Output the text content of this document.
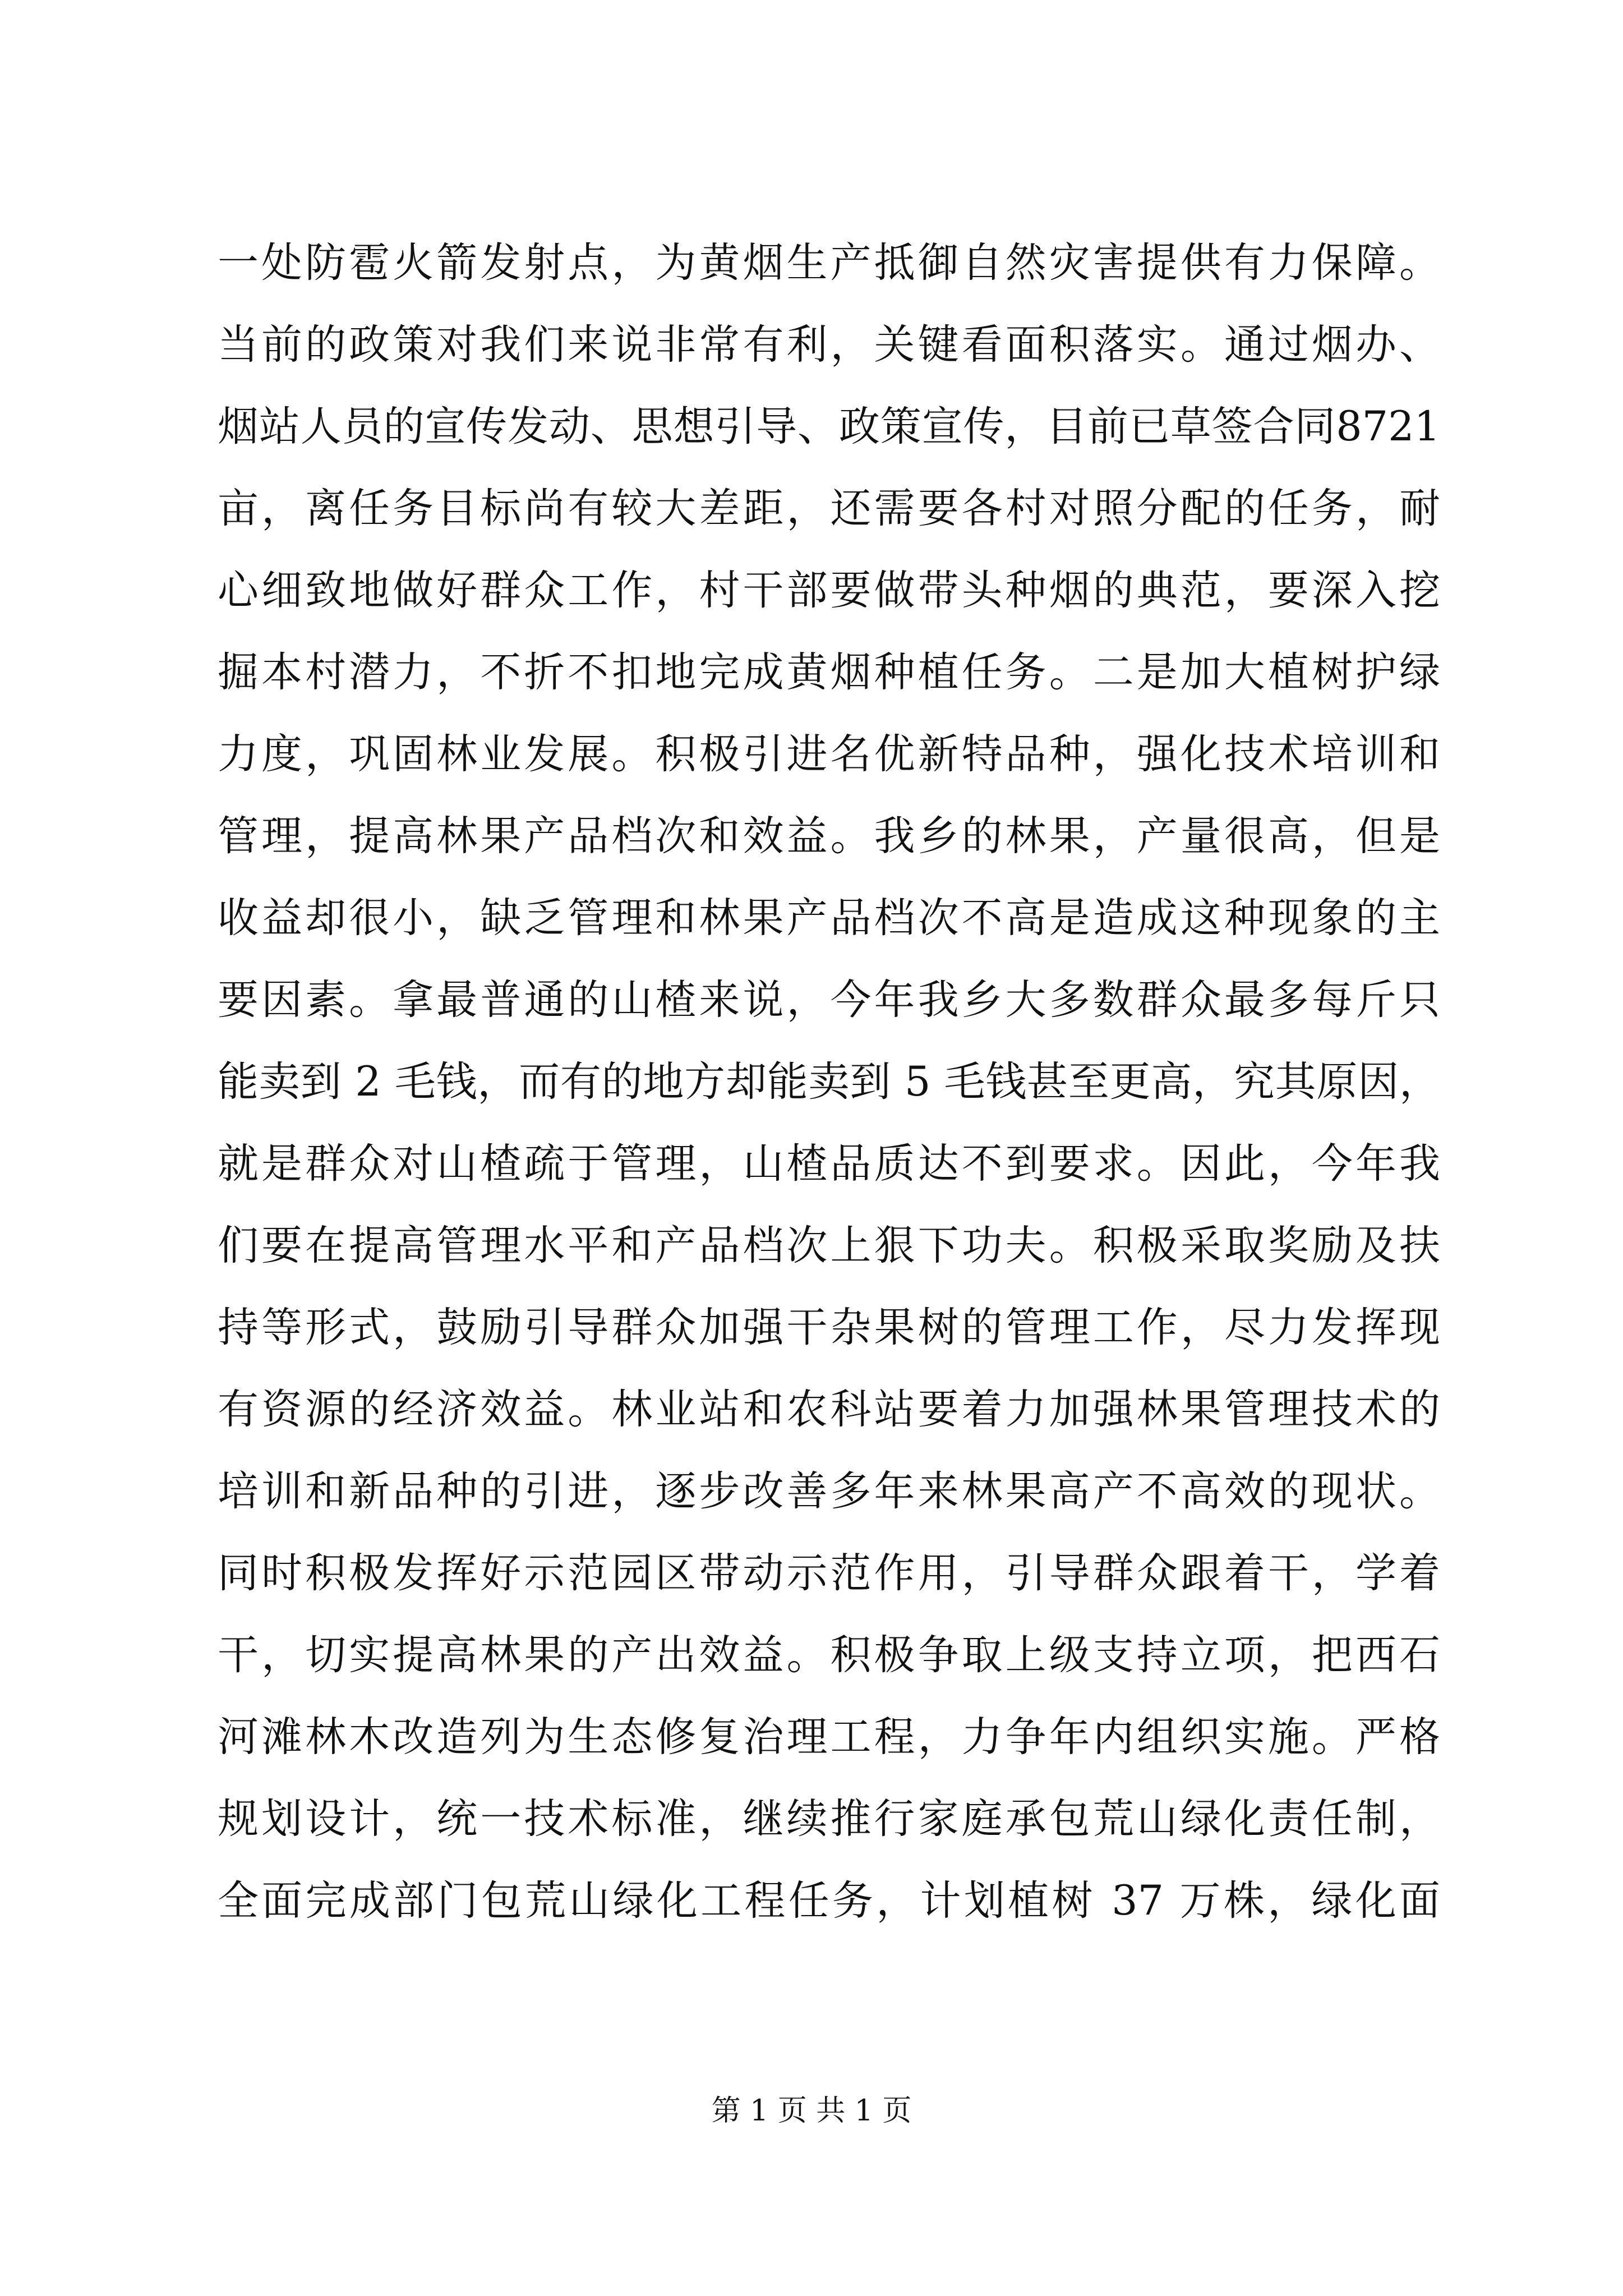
一处防雹火箭发射点，为黄烟生产抵御自然灾害提供有力保障。
当前的政策对我们来说非常有利，关键看面积落实。通过烟办、
烟站人员的宣传发动、思想引导、政策宣传，目前已草签合同8721
亩，离任务目标尚有较大差距，还需要各村对照分配的任务，耐
心细致地做好群众工作，村干部要做带头种烟的典范，要深入挖
掘本村潜力，不折不扣地完成黄烟种植任务。二是加大植树护绿
力度，巩固林业发展。积极引进名优新特品种，强化技术培训和
管理，提高林果产品档次和效益。我乡的林果，产量很高，但是
收益却很小，缺乏管理和林果产品档次不高是造成这种现象的主
要因素。拿最普通的山楂来说，今年我乡大多数群众最多每斤只
能卖到 2 毛钱，而有的地方却能卖到 5 毛钱甚至更高，究其原因，
就是群众对山楂疏于管理，山楂品质达不到要求。因此，今年我
们要在提高管理水平和产品档次上狠下功夫。积极采取奖励及扶
持等形式，鼓励引导群众加强干杂果树的管理工作，尽力发挥现
有资源的经济效益。林业站和农科站要着力加强林果管理技术的
培训和新品种的引进，逐步改善多年来林果高产不高效的现状。
同时积极发挥好示范园区带动示范作用，引导群众跟着干，学着
干，切实提高林果的产出效益。积极争取上级支持立项，把西石
河滩林木改造列为生态修复治理工程，力争年内组织实施。严格
规划设计，统一技术标准，继续推行家庭承包荒山绿化责任制，
全面完成部门包荒山绿化工程任务，计划植树 37 万株，绿化面
第 1 页 共 1 页
